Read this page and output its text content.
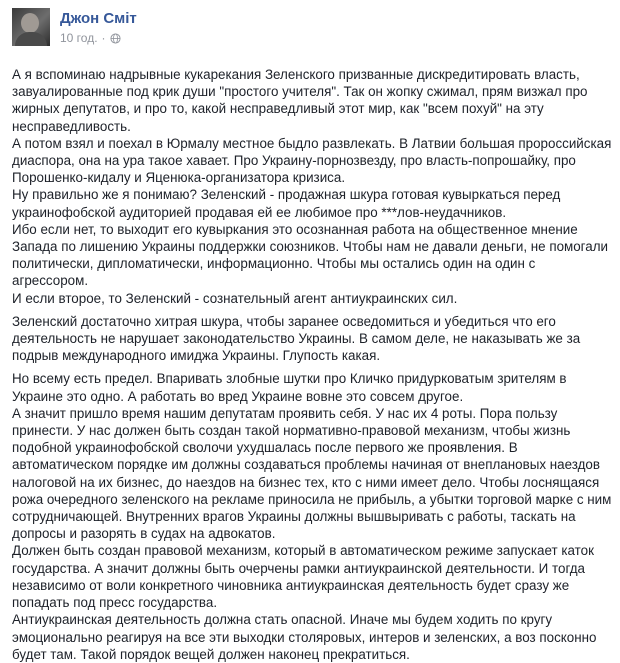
Джон Сміт
10 год. ·

А я вспоминаю надрывные кукарекания Зеленского призванные дискредитировать власть, завуалированные под крик души "простого учителя". Так он жопку сжимал, прям визжал про жирных депутатов, и про то, какой несправедливый этот мир, как "всем похуй" на эту несправедливость.

А потом взял и поехал в Юрмалу местное быдло развлекать. В Латвии большая пророссийская диаспора, она на ура такое хавает. Про Украину-порнозвезду, про власть-попрошайку, про Порошенко-кидалу и Яценюка-организатора кризиса.

Ну правильно же я понимаю? Зеленский - продажная шкура готовая кувыркаться перед украинофобской аудиторией продавая ей ее любимое про ***лов-неудачников.

Ибо если нет, то выходит его кувыркания это осознанная работа на общественное мнение Запада по лишению Украины поддержки союзников. Чтобы нам не давали деньги, не помогали политически, дипломатически, информационно. Чтобы мы остались один на один с агрессором.

И если второе, то Зеленский - сознательный агент антиукраинских сил.

Зеленский достаточно хитрая шкура, чтобы заранее осведомиться и убедиться что его деятельность не нарушает законодательство Украины. В самом деле, не наказывать же за подрыв международного имиджа Украины. Глупость какая.

Но всему есть предел. Впаривать злобные шутки про Кличко придурковатым зрителям в Украине это одно. А работать во вред Украине вовне это совсем другое.

А значит пришло время нашим депутатам проявить себя. У нас их 4 роты. Пора пользу принести. У нас должен быть создан такой нормативно-правовой механизм, чтобы жизнь подобной украинофобской сволочи ухудшалась после первого же проявления. В автоматическом порядке им должны создаваться проблемы начиная от внеплановых наездов налоговой на их бизнес, до наездов на бизнес тех, кто с ними имеет дело. Чтобы лоснящаяся рожа очередного зеленского на рекламе приносила не прибыль, а убытки торговой марке с ним сотрудничающей. Внутренних врагов Украины должны вышвыривать с работы, таскать на допросы и разорять в судах на адвокатов.

Должен быть создан правовой механизм, который в автоматическом режиме запускает каток государства. А значит должны быть очерчены рамки антиукраинской деятельности. И тогда независимо от воли конкретного чиновника антиукраинская деятельность будет сразу же попадать под пресс государства.

Антиукраинская деятельность должна стать опасной. Иначе мы будем ходить по кругу эмоционально реагируя на все эти выходки столяровых, интеров и зеленских, а воз посконно будет там. Такой порядок вещей должен наконец прекратиться.
